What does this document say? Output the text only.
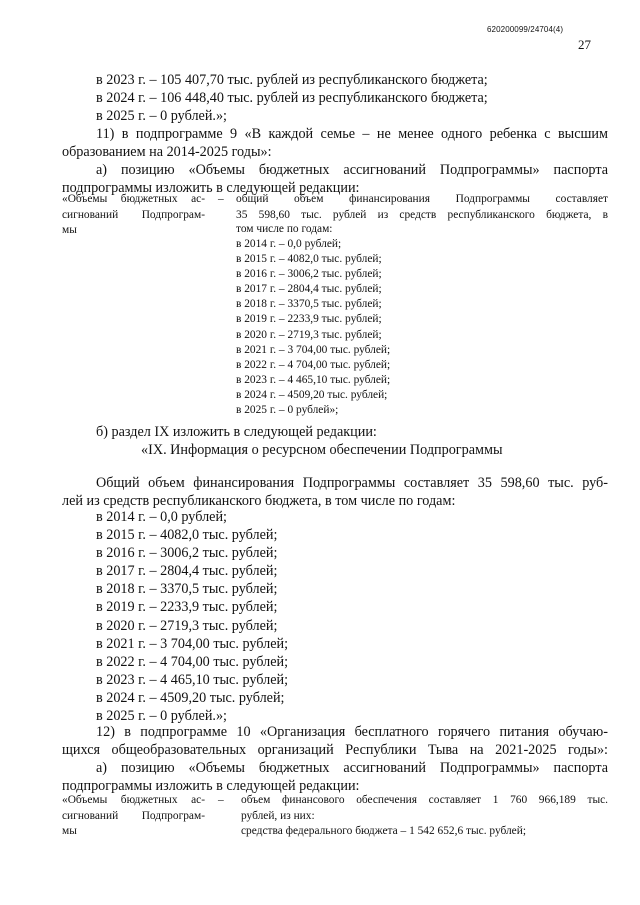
620200099/24704(4)
27
в 2023 г. – 105 407,70 тыс. рублей из республиканского бюджета;
в 2024 г. – 106 448,40 тыс. рублей из республиканского бюджета;
в 2025 г. – 0 рублей.»;
11) в подпрограмме 9 «В каждой семье – не менее одного ребенка с высшим
образованием на 2014-2025 годы»:
а) позицию «Объемы бюджетных ассигнований Подпрограммы» паспорта
подпрограммы изложить в следующей редакции:
«Объемы бюджетных ас-
сигнований Подпрограм-
мы
– общий объем финансирования Подпрограммы составляет
35 598,60 тыс. рублей из средств республиканского бюджета, в
том числе по годам:
в 2014 г. – 0,0 рублей;
в 2015 г. – 4082,0 тыс. рублей;
в 2016 г. – 3006,2 тыс. рублей;
в 2017 г. – 2804,4 тыс. рублей;
в 2018 г. – 3370,5 тыс. рублей;
в 2019 г. – 2233,9 тыс. рублей;
в 2020 г. – 2719,3 тыс. рублей;
в 2021 г. – 3 704,00 тыс. рублей;
в 2022 г. – 4 704,00 тыс. рублей;
в 2023 г. – 4 465,10 тыс. рублей;
в 2024 г. – 4509,20 тыс. рублей;
в 2025 г. – 0 рублей»;
б) раздел IX изложить в следующей редакции:
«IX. Информация о ресурсном обеспечении Подпрограммы
Общий объем финансирования Подпрограммы составляет 35 598,60 тыс. руб-
лей из средств республиканского бюджета, в том числе по годам:
в 2014 г. – 0,0 рублей;
в 2015 г. – 4082,0 тыс. рублей;
в 2016 г. – 3006,2 тыс. рублей;
в 2017 г. – 2804,4 тыс. рублей;
в 2018 г. – 3370,5 тыс. рублей;
в 2019 г. – 2233,9 тыс. рублей;
в 2020 г. – 2719,3 тыс. рублей;
в 2021 г. – 3 704,00 тыс. рублей;
в 2022 г. – 4 704,00 тыс. рублей;
в 2023 г. – 4 465,10 тыс. рублей;
в 2024 г. – 4509,20 тыс. рублей;
в 2025 г. – 0 рублей.»;
12) в подпрограмме 10 «Организация бесплатного горячего питания обучаю-
щихся общеобразовательных организаций Республики Тыва на 2021-2025 годы»:
а) позицию «Объемы бюджетных ассигнований Подпрограммы» паспорта
подпрограммы изложить в следующей редакции:
«Объемы бюджетных ас-
сигнований Подпрограм-
мы
– объем финансового обеспечения составляет 1 760 966,189 тыс.
рублей, из них:
средства федерального бюджета – 1 542 652,6 тыс. рублей;
